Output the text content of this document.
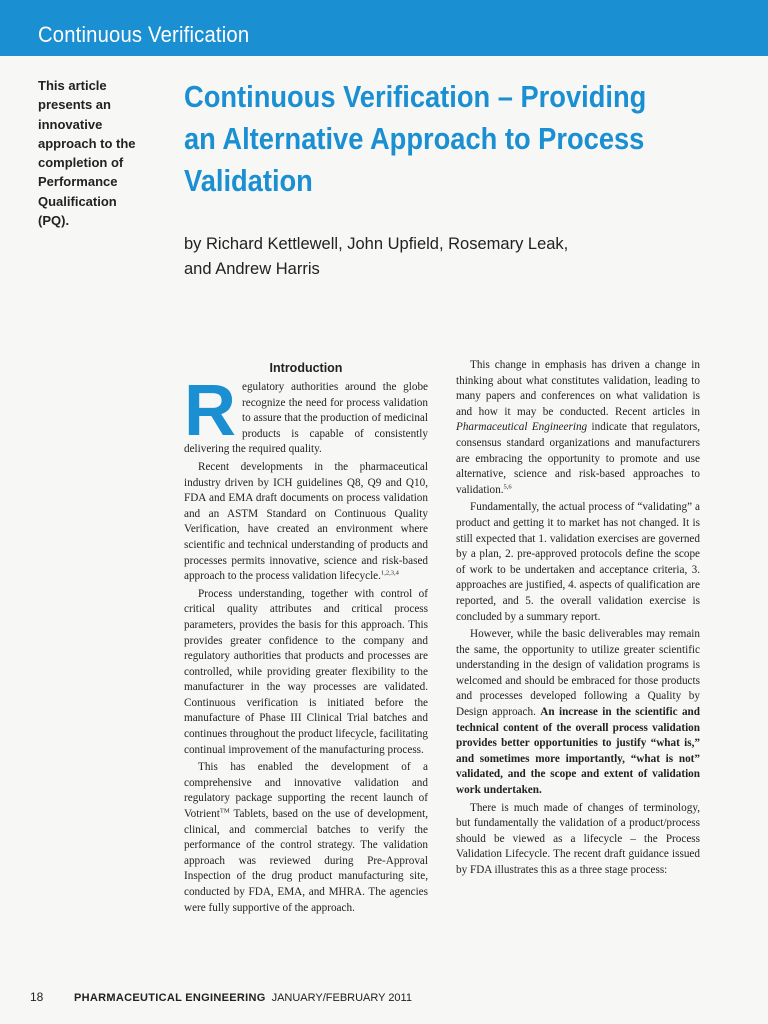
Continuous Verification

This article

presents an

innovative

approach to the

completion of

Performance

Qualification

(PQ).

Continuous Verification – Providing
an Alternative Approach to Process
Validation
by Richard Kettlewell, John Upfield, Rosemary Leak,
and Andrew Harris
Introduction

Regulatory authorities around the globe recognize the need for process validation to assure that the production of medicinal products is capable of consistently delivering the required quality.

Recent developments in the pharmaceutical industry driven by ICH guidelines Q8, Q9 and Q10, FDA and EMA draft documents on process validation and an ASTM Standard on Continuous Quality Verification, have created an environment where scientific and technical understanding of products and processes permits innovative, science and risk-based approach to the process validation lifecycle.$^{1,2,3,4}$

Process understanding, together with control of critical quality attributes and critical process parameters, provides the basis for this approach. This provides greater confidence to the company and regulatory authorities that products and processes are controlled, while providing greater flexibility to the manufacturer in the way processes are validated. Continuous verification is initiated before the manufacture of Phase III Clinical Trial batches and continues throughout the product lifecycle, facilitating continual improvement of the manufacturing process.

This has enabled the development of a comprehensive and innovative validation and regulatory package supporting the recent launch of Votrient™ Tablets, based on the use of development, clinical, and commercial batches to verify the performance of the control strategy. The validation approach was reviewed during Pre-Approval Inspection of the drug product manufacturing site, conducted by FDA, EMA, and MHRA. The agencies were fully supportive of the approach.

This change in emphasis has driven a change in thinking about what constitutes validation, leading to many papers and conferences on what validation is and how it may be conducted. Recent articles in Pharmaceutical Engineering indicate that regulators, consensus standard organizations and manufacturers are embracing the opportunity to promote and use alternative, science and risk-based approaches to validation.$^{5,6}$

Fundamentally, the actual process of “validating” a product and getting it to market has not changed. It is still expected that 1. validation exercises are governed by a plan, 2. pre-approved protocols define the scope of work to be undertaken and acceptance criteria, 3. approaches are justified, 4. aspects of qualification are reported, and 5. the overall validation exercise is concluded by a summary report.

However, while the basic deliverables may remain the same, the opportunity to utilize greater scientific understanding in the design of validation programs is welcomed and should be embraced for those products and processes developed following a Quality by Design approach. An increase in the scientific and technical content of the overall process validation provides better opportunities to justify “what is,” and sometimes more importantly, “what is not” validated, and the scope and extent of validation work undertaken.

There is much made of changes of terminology, but fundamentally the validation of a product/process should be viewed as a lifecycle – the Process Validation Lifecycle. The recent draft guidance issued by FDA illustrates this as a three stage process:

18	PHARMACEUTICAL ENGINEERING JANUARY/FEBRUARY 2011
